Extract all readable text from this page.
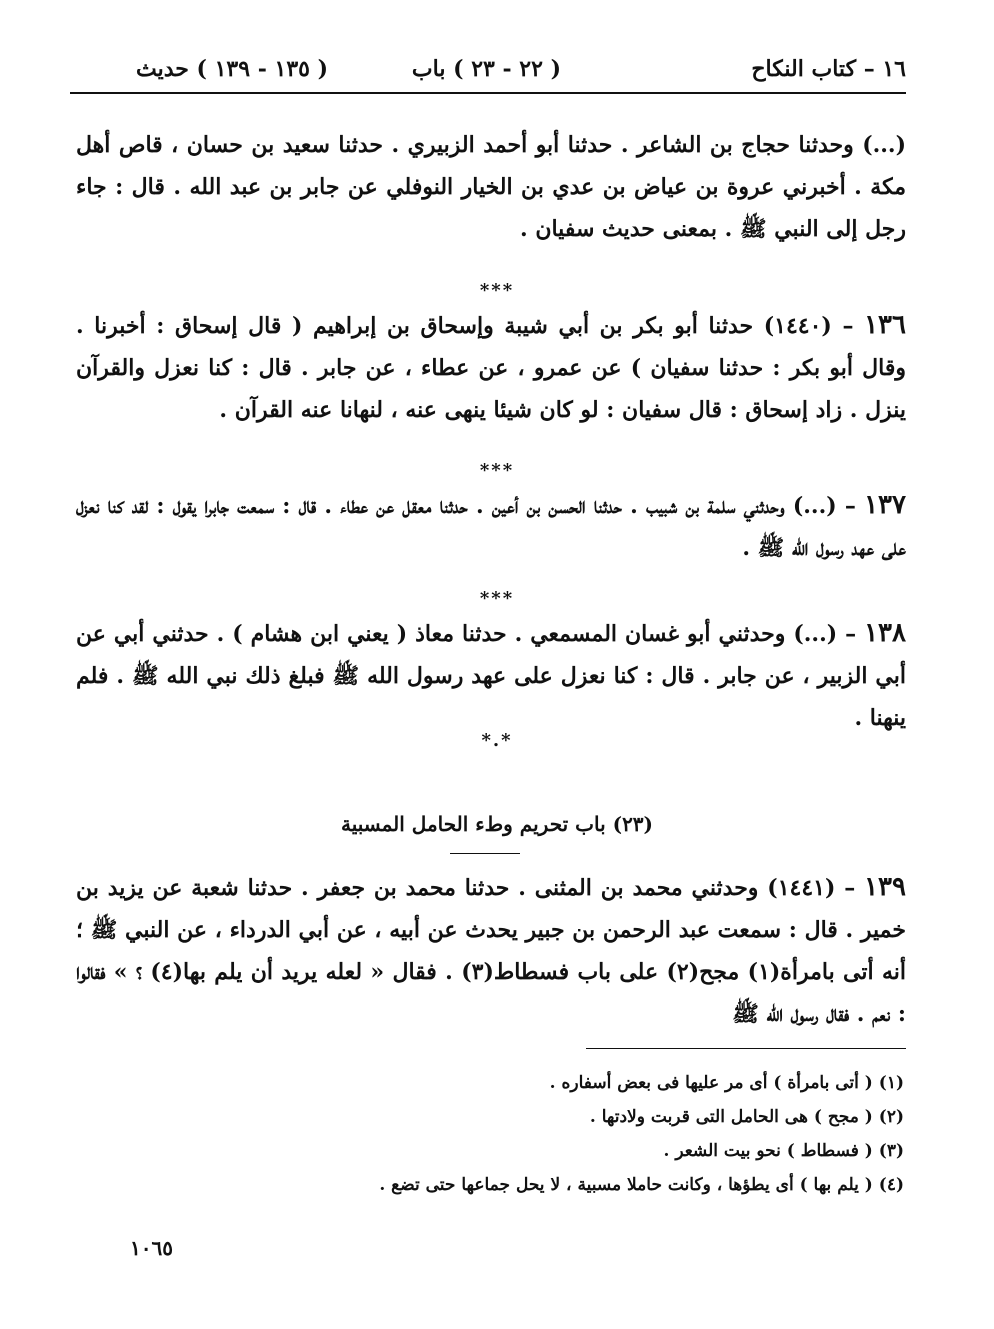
١٦ – كتاب النكاح
( ٢٢ - ٢٣ ) باب
( ١٣٥ - ١٣٩ ) حديث

(...) وحدثنا حجاج بن الشاعر . حدثنا أبو أحمد الزبيري . حدثنا سعيد بن حسان ، قاص أهل مكة . أخبرني عروة بن عياض بن عدي بن الخيار النوفلي عن جابر بن عبد الله . قال : جاء رجل إلى النبي ﷺ . بمعنى حديث سفيان .

***

١٣٦ – (١٤٤٠) حدثنا أبو بكر بن أبي شيبة وإسحاق بن إبراهيم ( قال إسحاق : أخبرنا . وقال أبو بكر : حدثنا سفيان ) عن عمرو ، عن عطاء ، عن جابر . قال : كنا نعزل والقرآن ينزل . زاد إسحاق : قال سفيان : لو كان شيئا ينهى عنه ، لنهانا عنه القرآن .

***

١٣٧ – (...) وحدثني سلمة بن شبيب . حدثنا الحسن بن أعين . حدثنا معقل عن عطاء . قال : سمعت جابرا يقول : لقد كنا نعزل على عهد رسول الله ﷺ .

***

١٣٨ – (...) وحدثني أبو غسان المسمعي . حدثنا معاذ ( يعني ابن هشام ) . حدثني أبي عن أبي الزبير ، عن جابر . قال : كنا نعزل على عهد رسول الله ﷺ فبلغ ذلك نبي الله ﷺ . فلم ينهنا .

*.*
(٢٣) باب تحريم وطء الحامل المسبية

١٣٩ – (١٤٤١) وحدثني محمد بن المثنى . حدثنا محمد بن جعفر . حدثنا شعبة عن يزيد بن خمير . قال : سمعت عبد الرحمن بن جبير يحدث عن أبيه ، عن أبي الدرداء ، عن النبي ﷺ ؛ أنه أتى بامرأة(١) مجح(٢) على باب فسطاط(٣) . فقال « لعله يريد أن يلم بها(٤) ؟ » فقالوا : نعم . فقال رسول الله ﷺ

(١) ( أتى بامرأة ) أى مر عليها فى بعض أسفاره .
(٢) ( مجح ) هى الحامل التى قربت ولادتها .
(٣) ( فسطاط ) نحو بيت الشعر .
(٤) ( يلم بها ) أى يطؤها ، وكانت حاملا مسبية ، لا يحل جماعها حتى تضع .
١٠٦٥
